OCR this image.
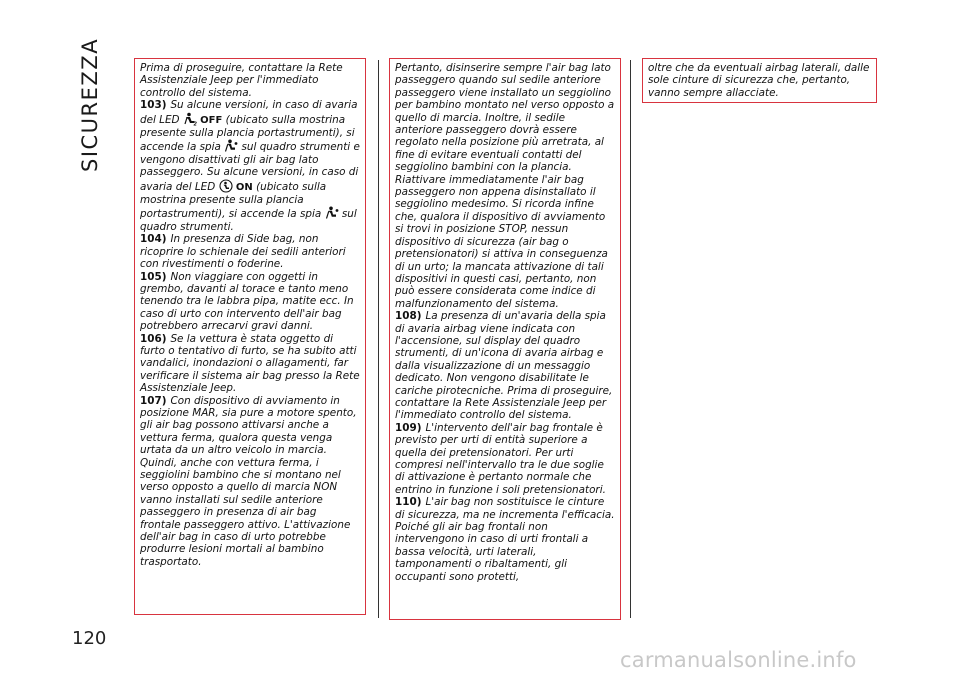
SICUREZZA
120

Prima di proseguire, contattare la Rete Assistenziale Jeep per l'immediato controllo del sistema.

103) Su alcune versioni, in caso di avaria del LED	2 OFF (ubicato sulla mostrina presente sulla plancia portastrumenti), si accende la spia sul quadro strumenti e vengono disattivati gli air bag lato passeggero. Su alcune versioni, in caso di avaria del LED ON (ubicato sulla mostrina presente sulla plancia portastrumenti), si accende la spia sul quadro strumenti.

104) In presenza di Side bag, non ricoprire lo schienale dei sedili anteriori con rivestimenti o foderine.

105) Non viaggiare con oggetti in grembo, davanti al torace e tanto meno tenendo tra le labbra pipa, matite ecc. In caso di urto con intervento dell'air bag potrebbero arrecarvi gravi danni.

106) Se la vettura è stata oggetto di furto o tentativo di furto, se ha subito atti vandalici, inondazioni o allagamenti, far verificare il sistema air bag presso la Rete Assistenziale Jeep.

107) Con dispositivo di avviamento in posizione MAR, sia pure a motore spento, gli air bag possono attivarsi anche a vettura ferma, qualora questa venga urtata da un altro veicolo in marcia. Quindi, anche con vettura ferma, i seggiolini bambino che si montano nel verso opposto a quello di marcia NON vanno installati sul sedile anteriore passeggero in presenza di air bag frontale passeggero attivo. L'attivazione dell'air bag in caso di urto potrebbe produrre lesioni mortali al bambino trasportato.

Pertanto, disinserire sempre l'air bag lato passeggero quando sul sedile anteriore passeggero viene installato un seggiolino per bambino montato nel verso opposto a quello di marcia. Inoltre, il sedile anteriore passeggero dovrà essere regolato nella posizione più arretrata, al fine di evitare eventuali contatti del seggiolino bambini con la plancia. Riattivare immediatamente l'air bag passeggero non appena disinstallato il seggiolino medesimo. Si ricorda infine che, qualora il dispositivo di avviamento si trovi in posizione STOP, nessun dispositivo di sicurezza (air bag o pretensionatori) si attiva in conseguenza di un urto; la mancata attivazione di tali dispositivi in questi casi, pertanto, non può essere considerata come indice di malfunzionamento del sistema.

108) La presenza di un'avaria della spia di avaria airbag viene indicata con l'accensione, sul display del quadro strumenti, di un'icona di avaria airbag e dalla visualizzazione di un messaggio dedicato. Non vengono disabilitate le cariche pirotecniche. Prima di proseguire, contattare la Rete Assistenziale Jeep per l'immediato controllo del sistema.

109) L'intervento dell'air bag frontale è previsto per urti di entità superiore a quella dei pretensionatori. Per urti compresi nell'intervallo tra le due soglie di attivazione è pertanto normale che entrino in funzione i soli pretensionatori.

110) L'air bag non sostituisce le cinture di sicurezza, ma ne incrementa l'efficacia. Poiché gli air bag frontali non intervengono in caso di urti frontali a bassa velocità, urti laterali, tamponamenti o ribaltamenti, gli occupanti sono protetti,

oltre che da eventuali airbag laterali, dalle sole cinture di sicurezza che, pertanto, vanno sempre allacciate.

carmanualsonline.info
